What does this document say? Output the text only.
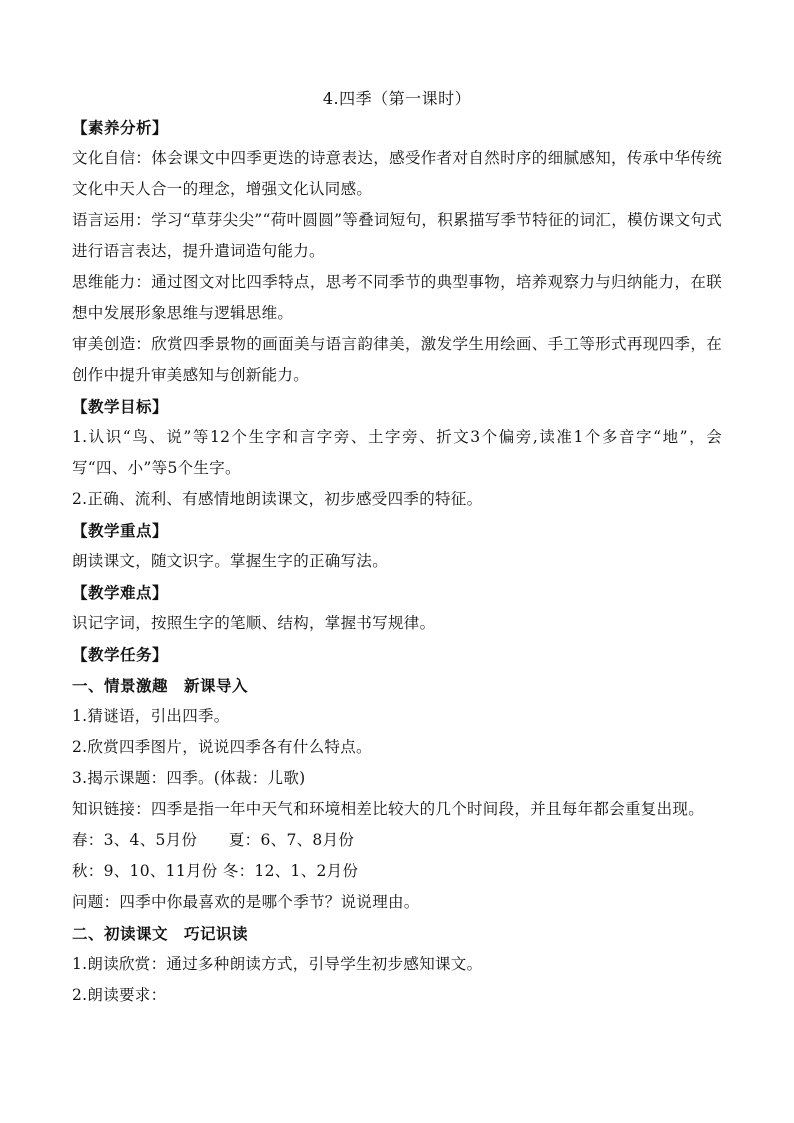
4.四季（第一课时）

【素养分析】

文化自信：体会课文中四季更迭的诗意表达，感受作者对自然时序的细腻感知，传承中华传统文化中天人合一的理念，增强文化认同感。

语言运用：学习“草芽尖尖”“荷叶圆圆”等叠词短句，积累描写季节特征的词汇，模仿课文句式进行语言表达，提升遣词造句能力。

思维能力：通过图文对比四季特点，思考不同季节的典型事物，培养观察力与归纳能力，在联想中发展形象思维与逻辑思维。

审美创造：欣赏四季景物的画面美与语言韵律美，激发学生用绘画、手工等形式再现四季，在创作中提升审美感知与创新能力。

【教学目标】

1.认识“鸟、说”等12个生字和言字旁、土字旁、折文3个偏旁,读准1个多音字“地”，会写“四、小”等5个生字。

2.正确、流利、有感情地朗读课文，初步感受四季的特征。

【教学重点】

朗读课文，随文识字。掌握生字的正确写法。

【教学难点】

识记字词，按照生字的笔顺、结构，掌握书写规律。

【教学任务】

一、情景激趣　新课导入

1.猜谜语，引出四季。

2.欣赏四季图片，说说四季各有什么特点。

3.揭示课题：四季。(体裁：儿歌)

知识链接：四季是指一年中天气和环境相差比较大的几个时间段，并且每年都会重复出现。

春：3、4、5月份　　夏：6、7、8月份

秋：9、10、11月份 冬：12、1、2月份

问题：四季中你最喜欢的是哪个季节？说说理由。

二、初读课文　巧记识读

1.朗读欣赏：通过多种朗读方式，引导学生初步感知课文。

2.朗读要求：
